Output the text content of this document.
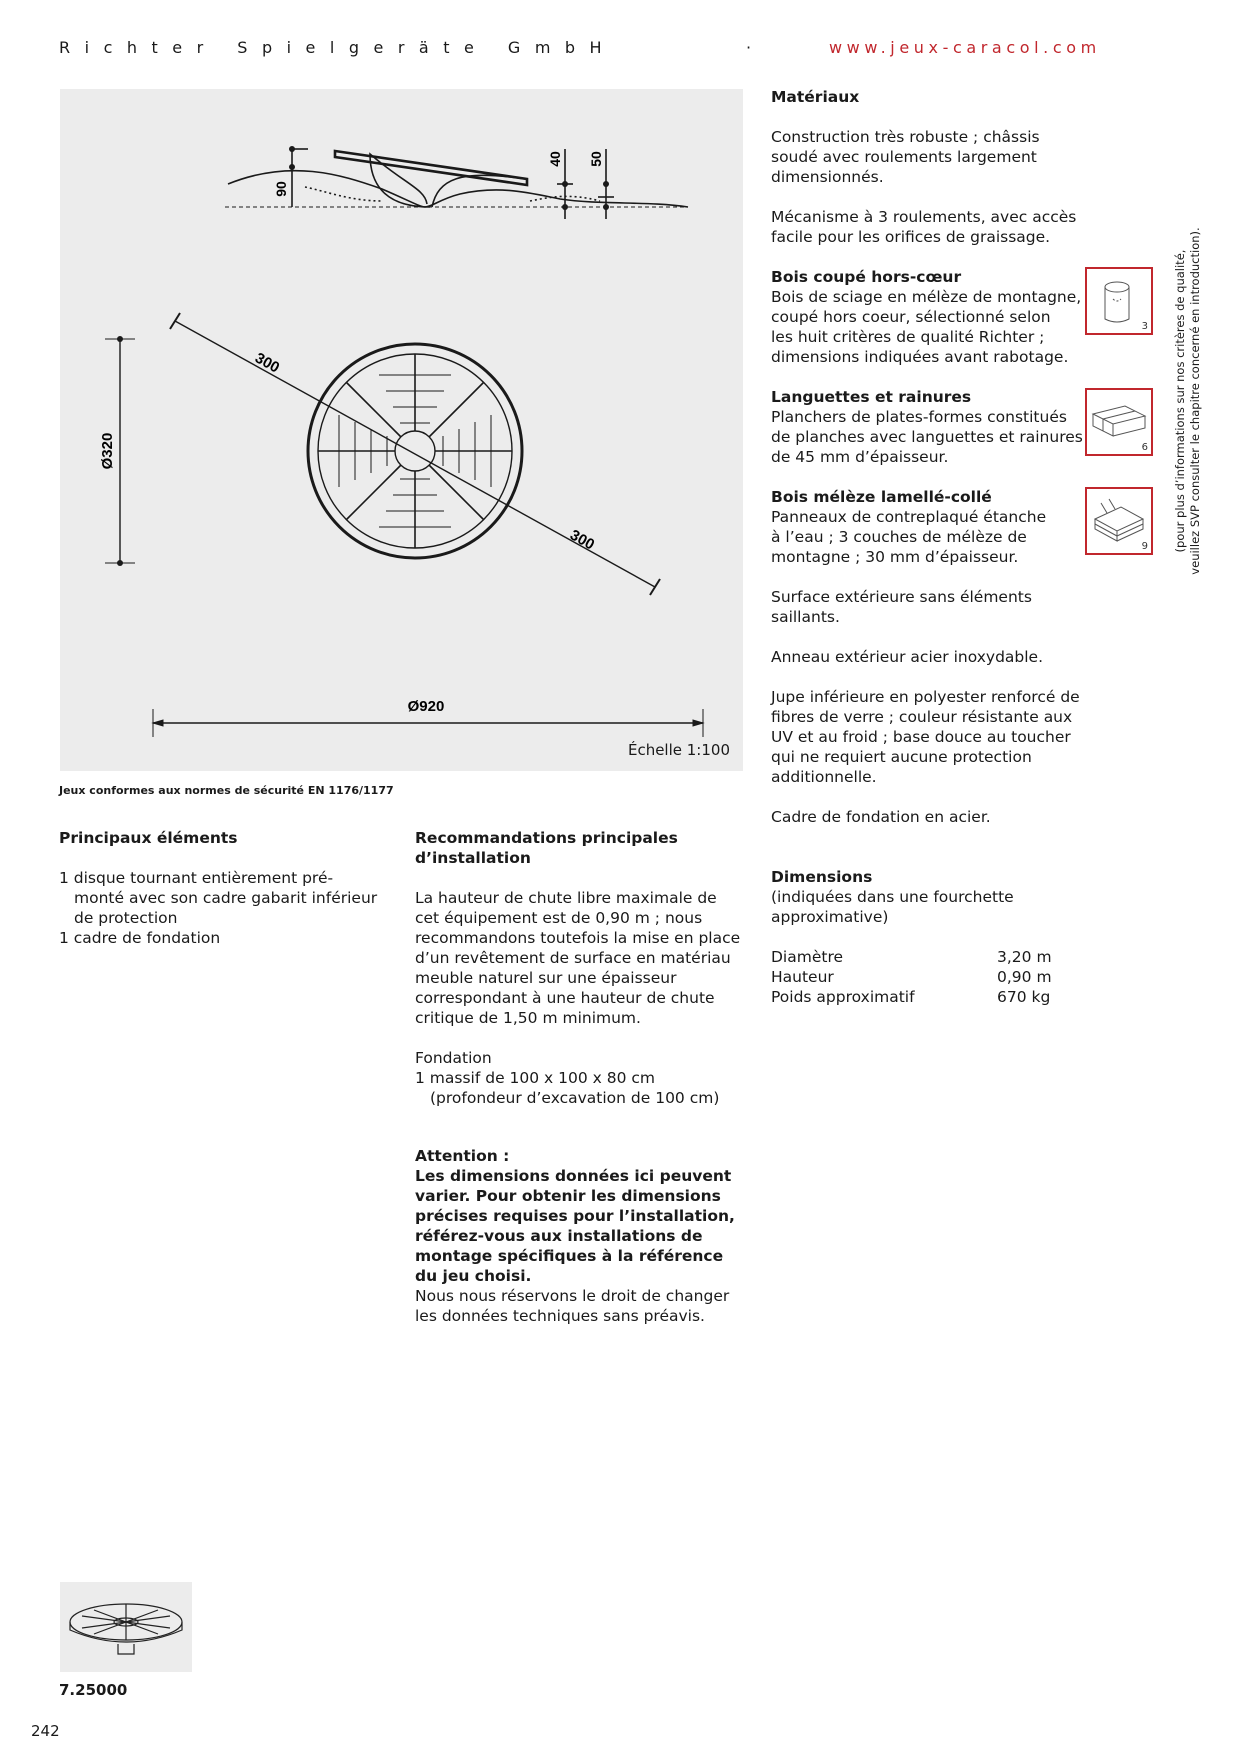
Richter Spielgeräte GmbH	·	www.jeux-caracol.com
90
40 50
300
300
Ø320
Ø920
Échelle 1:100
Jeux conformes aux normes de sécurité EN 1176/1177
Principaux éléments

1 disque tournant entièrement pré-

monté avec son cadre gabarit inférieur

de protection

1 cadre de fondation

Recommandations principales
d’installation
La hauteur de chute libre maximale de
cet équipement est de 0,90 m ; nous
recommandons toutefois la mise en place
d’un revêtement de surface en matériau
meuble naturel sur une épaisseur
correspondant à une hauteur de chute
critique de 1,50 m minimum.
Fondation
1 massif de 100 x 100 x 80 cm
(profondeur d’excavation de 100 cm)
Attention :
Les dimensions données ici peuvent
varier. Pour obtenir les dimensions
précises requises pour l’installation,
référez-vous aux installations de
montage spécifiques à la référence
du jeu choisi.
Nous nous réservons le droit de changer
les données techniques sans préavis.
Matériaux
Construction très robuste ; châssis
soudé avec roulements largement
dimensionnés.
Mécanisme à 3 roulements, avec accès
facile pour les orifices de graissage.
Bois coupé hors-cœur
Bois de sciage en mélèze de montagne,
coupé hors coeur, sélectionné selon
les huit critères de qualité Richter ;
dimensions indiquées avant rabotage.
Languettes et rainures
Planchers de plates-formes constitués
de planches avec languettes et rainures
de 45 mm d’épaisseur.
Bois mélèze lamellé-collé
Panneaux de contreplaqué étanche
à l’eau ; 3 couches de mélèze de
montagne ; 30 mm d’épaisseur.
Surface extérieure sans éléments
saillants.
Anneau extérieur acier inoxydable.
Jupe inférieure en polyester renforcé de
fibres de verre ; couleur résistante aux
UV et au froid ; base douce au toucher
qui ne requiert aucune protection
additionnelle.
Cadre de fondation en acier.
Dimensions
(indiquées dans une fourchette
approximative)
Diamètre	3,20 m
Hauteur	0,90 m
Poids approximatif	670 kg
3
6
9 (pour plus d’informations sur nos critères de qualité, veuillez SVP consulter le chapitre concerné en introduction).
7.25000
242
